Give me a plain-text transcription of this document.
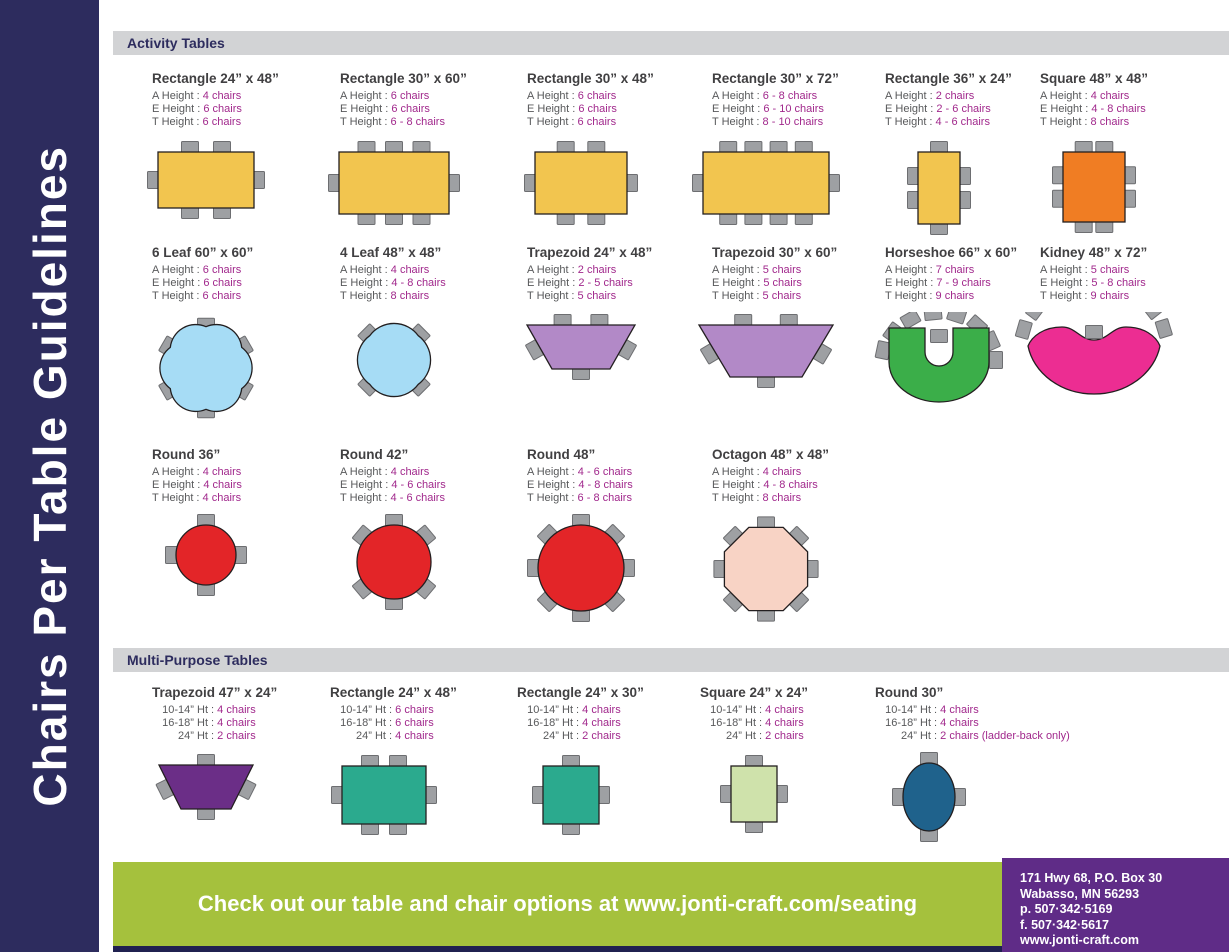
Chairs Per Table Guidelines
Activity Tables
Rectangle 24” x 48”
A Height : 4 chairs
E Height : 6 chairs
T Height : 6 chairs
Rectangle 30” x 60”
A Height : 6 chairs
E Height : 6 chairs
T Height : 6 - 8 chairs
Rectangle 30” x 48”
A Height : 6 chairs
E Height : 6 chairs
T Height : 6 chairs
Rectangle 30” x 72”
A Height : 6 - 8 chairs
E Height : 6 - 10 chairs
T Height : 8 - 10 chairs
Rectangle 36” x 24”
A Height : 2 chairs
E Height : 2 - 6 chairs
T Height : 4 - 6 chairs
Square 48” x 48”
A Height : 4 chairs
E Height : 4 - 8 chairs
T Height : 8 chairs
6 Leaf 60” x 60”
A Height : 6 chairs
E Height : 6 chairs
T Height : 6 chairs
4 Leaf 48” x 48”
A Height : 4 chairs
E Height : 4 - 8 chairs
T Height : 8 chairs
Trapezoid 24” x 48”
A Height : 2 chairs
E Height : 2 - 5 chairs
T Height : 5 chairs
Trapezoid 30” x 60”
A Height : 5 chairs
E Height : 5 chairs
T Height : 5 chairs
Horseshoe 66” x 60”
A Height : 7 chairs
E Height : 7 - 9 chairs
T Height : 9 chairs
Kidney 48” x 72”
A Height : 5 chairs
E Height : 5 - 8 chairs
T Height : 9 chairs
Round 36”
A Height : 4 chairs
E Height : 4 chairs
T Height : 4 chairs
Round 42”
A Height : 4 chairs
E Height : 4 - 6 chairs
T Height : 4 - 6 chairs
Round 48”
A Height : 4 - 6 chairs
E Height : 4 - 8 chairs
T Height : 6 - 8 chairs
Octagon 48” x 48”
A Height : 4 chairs
E Height : 4 - 8 chairs
T Height : 8 chairs
Multi-Purpose Tables
Trapezoid 47” x 24”
10-14” Ht : 4 chairs
16-18” Ht : 4 chairs
24” Ht : 2 chairs
Rectangle 24” x 48”
10-14” Ht : 6 chairs
16-18” Ht : 6 chairs
24” Ht : 4 chairs
Rectangle 24” x 30”
10-14” Ht : 4 chairs
16-18” Ht : 4 chairs
24” Ht : 2 chairs
Square 24” x 24”
10-14” Ht : 4 chairs
16-18” Ht : 4 chairs
24” Ht : 2 chairs
Round 30”
10-14” Ht : 4 chairs
16-18” Ht : 4 chairs
24” Ht : 2 chairs (ladder-back only)
Check out our table and chair options at www.jonti-craft.com/seating
171 Hwy 68, P.O. Box 30
Wabasso, MN 56293
p. 507·342·5169
f. 507·342·5617
www.jonti-craft.com
